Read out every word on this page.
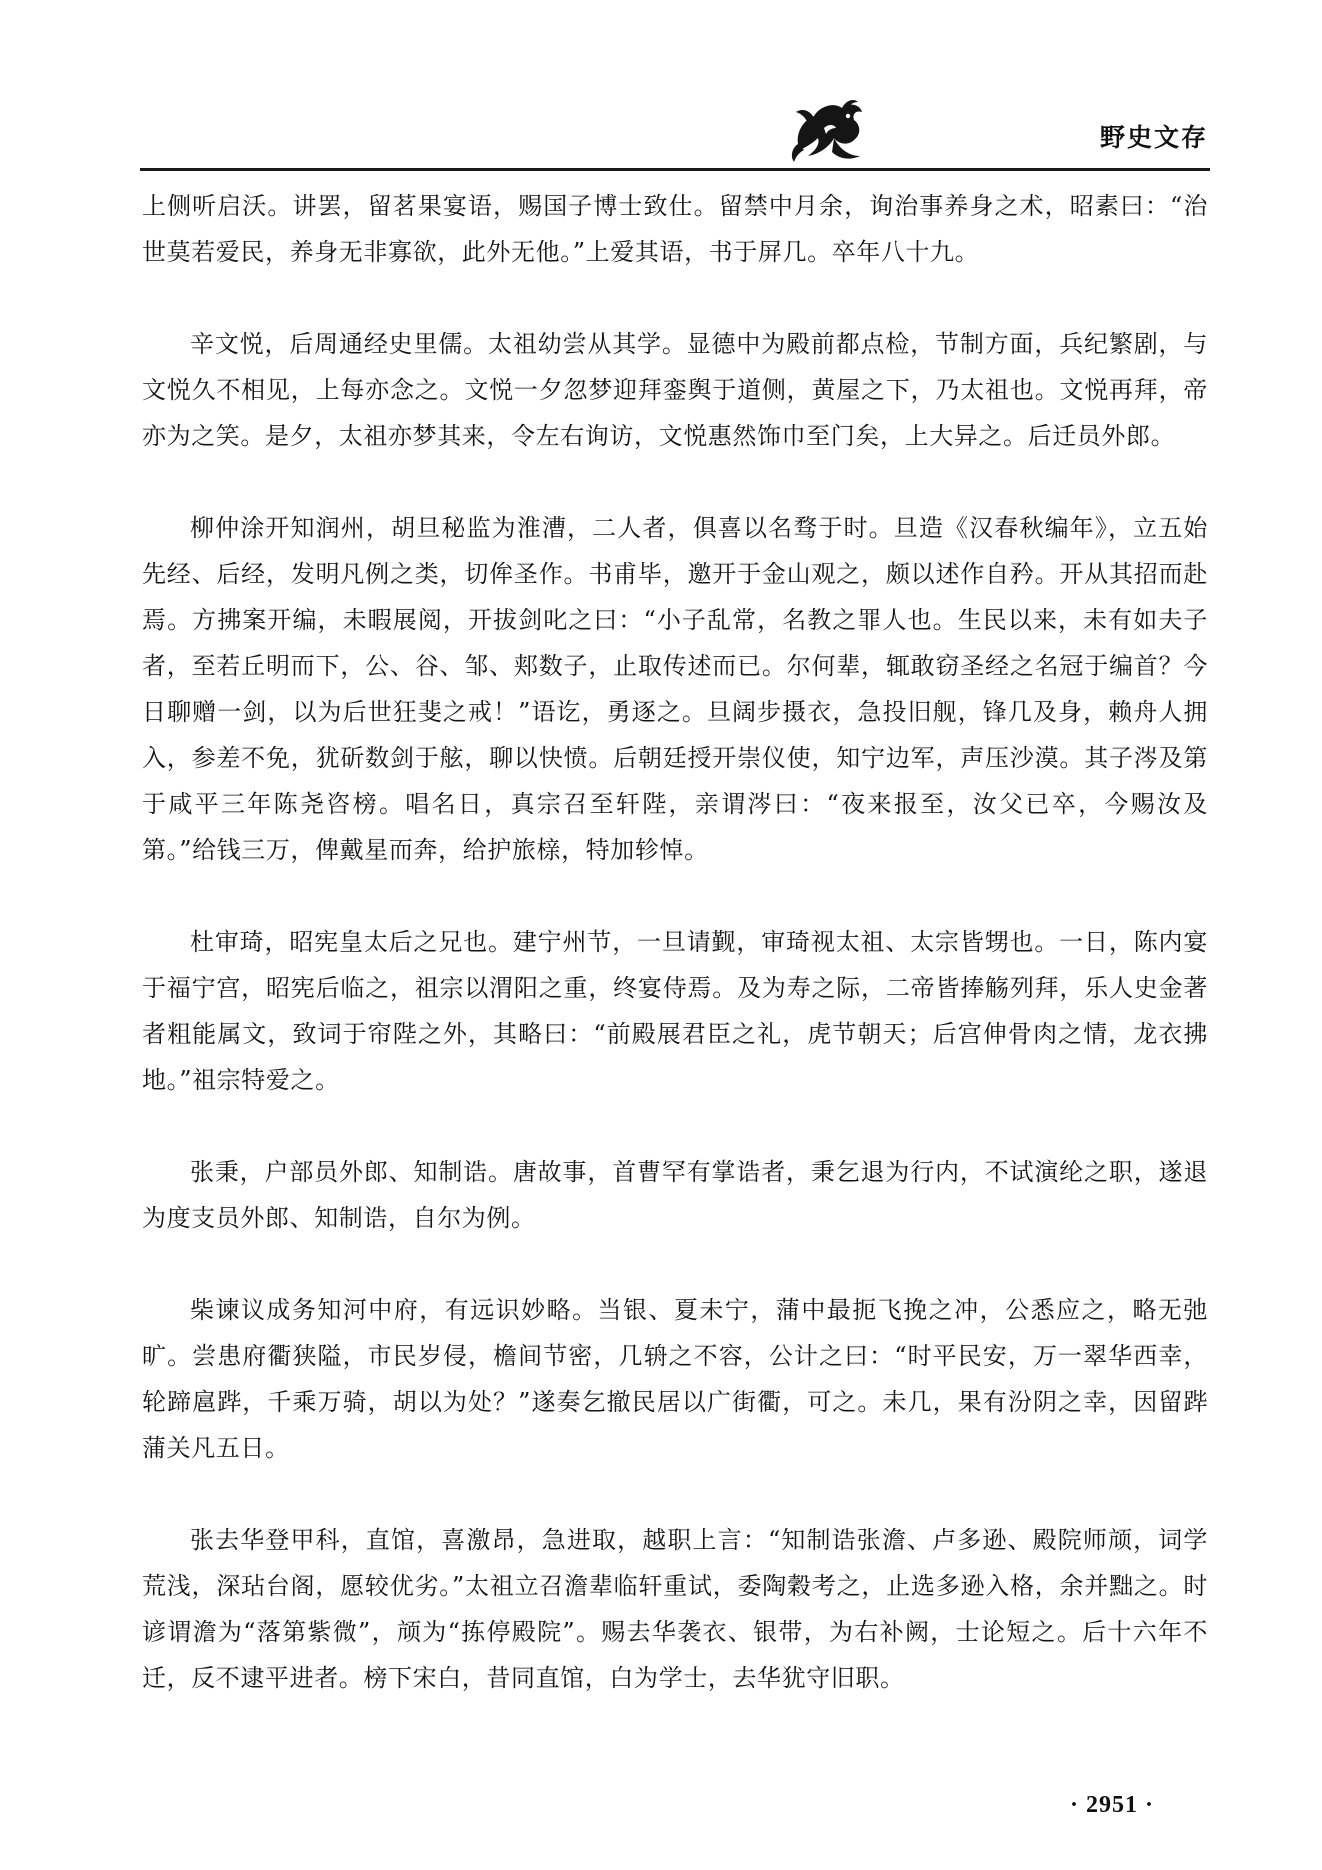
野史文存

上侧听启沃。讲罢，留茗果宴语，赐国子博士致仕。留禁中月余，询治事养身之术，昭素曰：“治世莫若爱民，养身无非寡欲，此外无他。”上爱其语，书于屏几。卒年八十九。

辛文悦，后周通经史里儒。太祖幼尝从其学。显德中为殿前都点检，节制方面，兵纪繁剧，与文悦久不相见，上每亦念之。文悦一夕忽梦迎拜銮舆于道侧，黄屋之下，乃太祖也。文悦再拜，帝亦为之笑。是夕，太祖亦梦其来，令左右询访，文悦惠然饰巾至门矣，上大异之。后迁员外郎。

柳仲涂开知润州，胡旦秘监为淮漕，二人者，俱喜以名骛于时。旦造《汉春秋编年》，立五始先经、后经，发明凡例之类，切侔圣作。书甫毕，邀开于金山观之，颇以述作自矜。开从其招而赴焉。方拂案开编，未暇展阅，开拔剑叱之曰：“小子乱常，名教之罪人也。生民以来，未有如夫子者，至若丘明而下，公、谷、邹、郏数子，止取传述而已。尔何辈，辄敢窃圣经之名冠于编首？今日聊赠一剑，以为后世狂斐之戒！”语讫，勇逐之。旦阔步摄衣，急投旧舰，锋几及身，赖舟人拥入，参差不免，犹斫数剑于舷，聊以快愤。后朝廷授开崇仪使，知宁边军，声压沙漠。其子涔及第于咸平三年陈尧咨榜。唱名日，真宗召至轩陛，亲谓涔曰：“夜来报至，汝父已卒，今赐汝及第。”给钱三万，俾戴星而奔，给护旅榇，特加轸悼。

杜审琦，昭宪皇太后之兄也。建宁州节，一旦请觐，审琦视太祖、太宗皆甥也。一日，陈内宴于福宁宫，昭宪后临之，祖宗以渭阳之重，终宴侍焉。及为寿之际，二帝皆捧觞列拜，乐人史金著者粗能属文，致词于帘陛之外，其略曰：“前殿展君臣之礼，虎节朝天；后宫伸骨肉之情，龙衣拂地。”祖宗特爱之。

张秉，户部员外郎、知制诰。唐故事，首曹罕有掌诰者，秉乞退为行内，不试演纶之职，遂退为度支员外郎、知制诰，自尔为例。

柴谏议成务知河中府，有远识妙略。当银、夏未宁，蒲中最扼飞挽之冲，公悉应之，略无弛旷。尝患府衢狭隘，市民岁侵，檐间节密，几辀之不容，公计之曰：“时平民安，万一翠华西幸，轮蹄扈跸，千乘万骑，胡以为处？”遂奏乞撤民居以广街衢，可之。未几，果有汾阴之幸，因留跸蒲关凡五日。

张去华登甲科，直馆，喜激昂，急进取，越职上言：“知制诰张澹、卢多逊、殿院师颃，词学荒浅，深玷台阁，愿较优劣。”太祖立召澹辈临轩重试，委陶穀考之，止选多逊入格，余并黜之。时谚谓澹为“落第紫微”，颃为“拣停殿院”。赐去华袭衣、银带，为右补阙，士论短之。后十六年不迁，反不逮平进者。榜下宋白，昔同直馆，白为学士，去华犹守旧职。

· 2951 ·
